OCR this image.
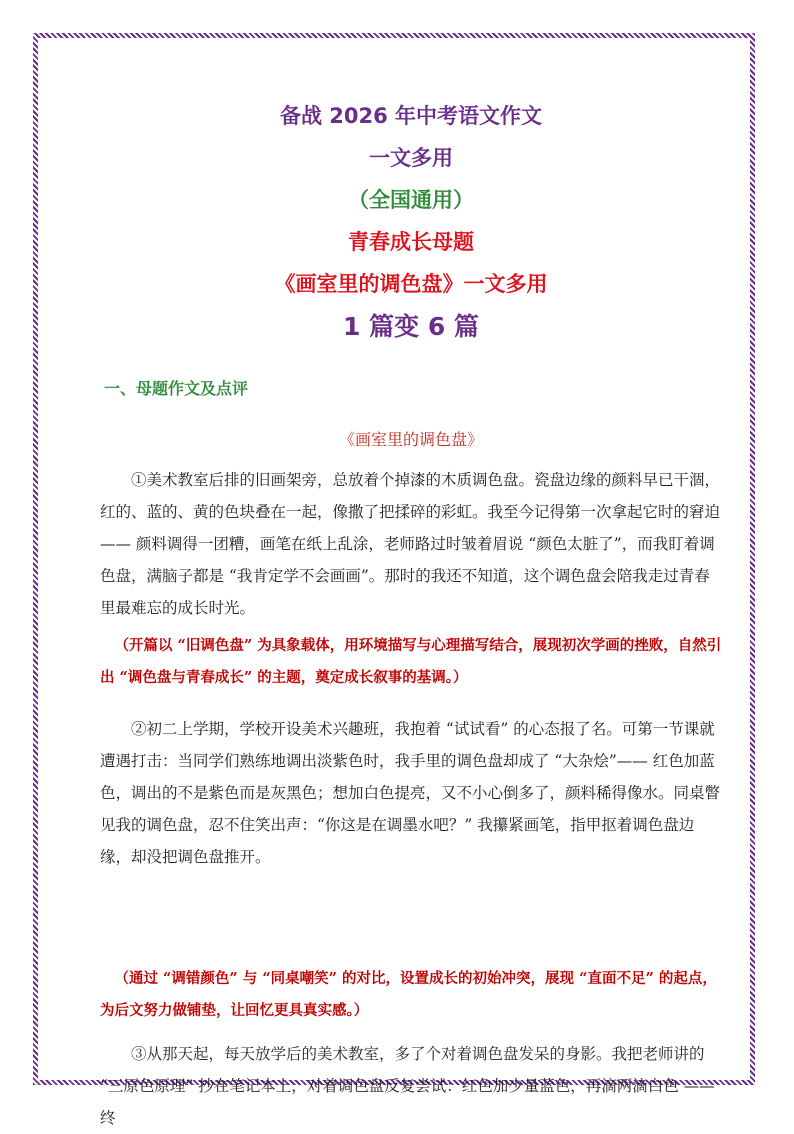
备战 2026 年中考语文作文
一文多用
（全国通用）
青春成长母题
《画室里的调色盘》一文多用
1 篇变 6 篇
一、母题作文及点评
《画室里的调色盘》

①美术教室后排的旧画架旁，总放着个掉漆的木质调色盘。瓷盘边缘的颜料早已干涸，红的、蓝的、黄的色块叠在一起，像撒了把揉碎的彩虹。我至今记得第一次拿起它时的窘迫 —— 颜料调得一团糟，画笔在纸上乱涂，老师路过时皱着眉说 “颜色太脏了”，而我盯着调色盘，满脑子都是 “我肯定学不会画画”。那时的我还不知道，这个调色盘会陪我走过青春里最难忘的成长时光。

（开篇以 “旧调色盘” 为具象载体，用环境描写与心理描写结合，展现初次学画的挫败，自然引出 “调色盘与青春成长” 的主题，奠定成长叙事的基调。）

②初二上学期，学校开设美术兴趣班，我抱着 “试试看” 的心态报了名。可第一节课就遭遇打击：当同学们熟练地调出淡紫色时，我手里的调色盘却成了 “大杂烩”—— 红色加蓝色，调出的不是紫色而是灰黑色；想加白色提亮，又不小心倒多了，颜料稀得像水。同桌瞥见我的调色盘，忍不住笑出声：“你这是在调墨水吧？” 我攥紧画笔，指甲抠着调色盘边缘，却没把调色盘推开。

（通过 “调错颜色” 与 “同桌嘲笑” 的对比，设置成长的初始冲突，展现 “直面不足” 的起点，为后文努力做铺垫，让回忆更具真实感。）

③从那天起，每天放学后的美术教室，多了个对着调色盘发呆的身影。我把老师讲的 “三原色原理” 抄在笔记本上，对着调色盘反复尝试：红色加少量蓝色，再滴两滴白色 —— 终
